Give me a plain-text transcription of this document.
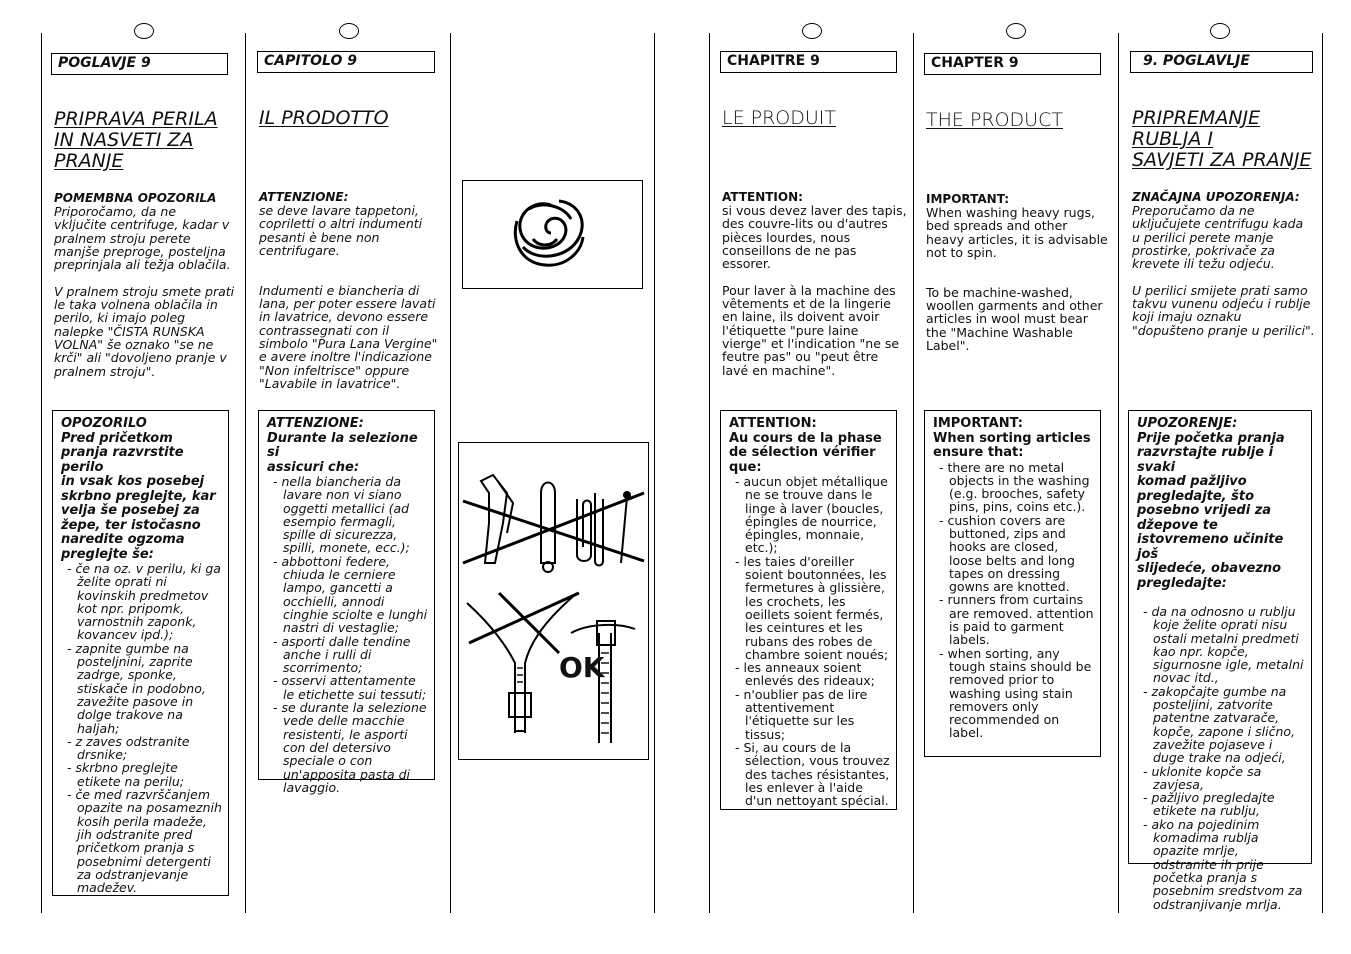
POGLAVJE 9
PRIPRAVA PERILA
IN NASVETI ZA
PRANJE
POMEMBNA OPOZORILA
Priporočamo, da ne
vključite centrifuge, kadar v
pralnem stroju perete
manjše preproge, posteljna
preprinjala ali težja oblačila.

V pralnem stroju smete prati
le taka volnena oblačila in
perilo, ki imajo poleg
nalepke "ČISTA RUNSKA
VOLNA" še oznako "se ne
krči" ali "dovoljeno pranje v
pralnem stroju".
OPOZORILO
Pred pričetkom
pranja razvrstite perilo
in vsak kos posebej
skrbno preglejte, kar
velja še posebej za
žepe, ter istočasno
naredite ogzoma
preglejte še:
- če na oz. v perilu, ki ga želite oprati ni kovinskih predmetov kot npr. pripomk, varnostnih zaponk, kovancev ipd.);
- zapnite gumbe na posteljnini, zaprite zadrge, sponke, stiskače in podobno, zavežite pasove in dolge trakove na haljah;
- z zaves odstranite drsnike;
- skrbno preglejte etikete na perilu;
- če med razvrščanjem opazite na posameznih kosih perila madeže, jih odstranite pred pričetkom pranja s posebnimi detergenti za odstranjevanje madežev.
CAPITOLO 9
IL PRODOTTO
ATTENZIONE:
se deve lavare tappetoni,
copriletti o altri indumenti
pesanti è bene non
centrifugare.

Indumenti e biancheria di
lana, per poter essere lavati
in lavatrice, devono essere
contrassegnati con il
simbolo "Pura Lana Vergine"
e avere inoltre l'indicazione
"Non infeltrisce" oppure
"Lavabile in lavatrice".
ATTENZIONE:
Durante la selezione si
assicuri che:
- nella biancheria da lavare non vi siano oggetti metallici (ad esempio fermagli, spille di sicurezza, spilli, monete, ecc.);
- abbottoni federe, chiuda le cerniere lampo, gancetti a occhielli, annodi cinghie sciolte e lunghi nastri di vestaglie;
- asporti dalle tendine anche i rulli di scorrimento;
- osservi attentamente le etichette sui tessuti;
- se durante la selezione vede delle macchie resistenti, le asporti con del detersivo speciale o con un'apposita pasta di lavaggio.
OK
CHAPITRE 9
LE PRODUIT
ATTENTION:
si vous devez laver des tapis,
des couvre-lits ou d'autres
pièces lourdes, nous
conseillons de ne pas
essorer.

Pour laver à la machine des
vêtements et de la lingerie
en laine, ils doivent avoir
l'étiquette "pure laine
vierge" et l'indication "ne se
feutre pas" ou "peut être
lavé en machine".
ATTENTION:
Au cours de la phase
de sélection vérifier
que:
- aucun objet métallique ne se trouve dans le linge à laver (boucles, épingles de nourrice, épingles, monnaie, etc.);
- les taies d'oreiller soient boutonnées, les fermetures à glissière, les crochets, les oeillets soient fermés, les ceintures et les rubans des robes de chambre soient noués;
- les anneaux soient enlevés des rideaux;
- n'oublier pas de lire attentivement l'étiquette sur les tissus;
- Si, au cours de la sélection, vous trouvez des taches résistantes, les enlever à l'aide d'un nettoyant spécial.
CHAPTER 9
THE PRODUCT
IMPORTANT:
When washing heavy rugs,
bed spreads and other
heavy articles, it is advisable
not to spin.

To be machine-washed,
woollen garments and other
articles in wool must bear
the "Machine Washable
Label".
IMPORTANT:
When sorting articles
ensure that:
- there are no metal objects in the washing (e.g. brooches, safety pins, pins, coins etc.).
- cushion covers are buttoned, zips and hooks are closed, loose belts and long tapes on dressing gowns are knotted.
- runners from curtains are removed. attention is paid to garment labels.
- when sorting, any tough stains should be removed prior to washing using stain removers only recommended on label.
9. POGLAVLJE
PRIPREMANJE
RUBLJA I
SAVJETI ZA PRANJE
ZNAČAJNA UPOZORENJA:
Preporučamo da ne
uključujete centrifugu kada
u perilici perete manje
prostirke, pokrivače za
krevete ili težu odjeću.

U perilici smijete prati samo
takvu vunenu odjeću i rublje
koji imaju oznaku
"dopušteno pranje u perilici".
UPOZORENJE:
Prije početka pranja
razvrstajte rublje i svaki
komad pažljivo
pregledajte, što
posebno vrijedi za
džepove te
istovremeno učinite još
slijedeće, obavezno
pregledajte:
- da na odnosno u rublju koje želite oprati nisu ostali metalni predmeti kao npr. kopče, sigurnosne igle, metalni novac itd.,
- zakopčajte gumbe na posteljini, zatvorite patentne zatvarače, kopče, zapone i slično, zavežite pojaseve i duge trake na odjeći,
- uklonite kopče sa zavjesa,
- pažljivo pregledajte etikete na rublju,
- ako na pojedinim komadima rublja opazite mrlje, odstranite ih prije početka pranja s posebnim sredstvom za odstranjivanje mrlja.
